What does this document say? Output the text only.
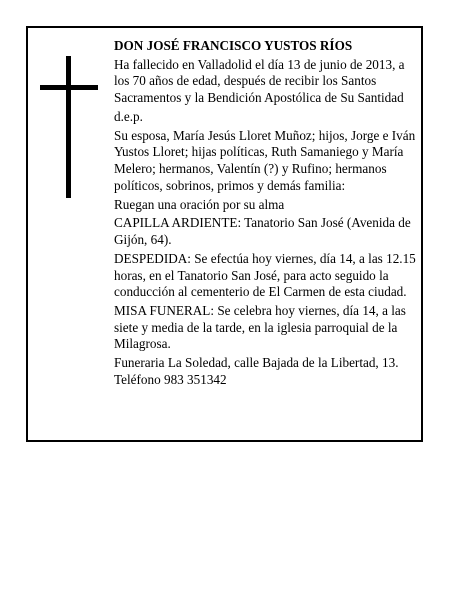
DON JOSÉ FRANCISCO YUSTOS RÍOS

Ha fallecido en Valladolid el día 13 de junio de 2013, a los 70 años de edad, después de recibir los Santos Sacramentos y la Bendición Apostólica de Su Santidad

d.e.p.

Su esposa, María Jesús Lloret Muñoz; hijos, Jorge e Iván Yustos Lloret; hijas políticas, Ruth Samaniego y María Melero; hermanos, Valentín (?) y Rufino; hermanos políticos, sobrinos, primos y demás familia:

Ruegan una oración por su alma

CAPILLA ARDIENTE: Tanatorio San José (Avenida de Gijón, 64).

DESPEDIDA: Se efectúa hoy viernes, día 14, a las 12.15 horas, en el Tanatorio San José, para acto seguido la conducción al cementerio de El Carmen de esta ciudad.

MISA FUNERAL: Se celebra hoy viernes, día 14, a las siete y media de la tarde, en la iglesia parroquial de la Milagrosa.

Funeraria La Soledad, calle Bajada de la Libertad, 13. Teléfono 983 351342
